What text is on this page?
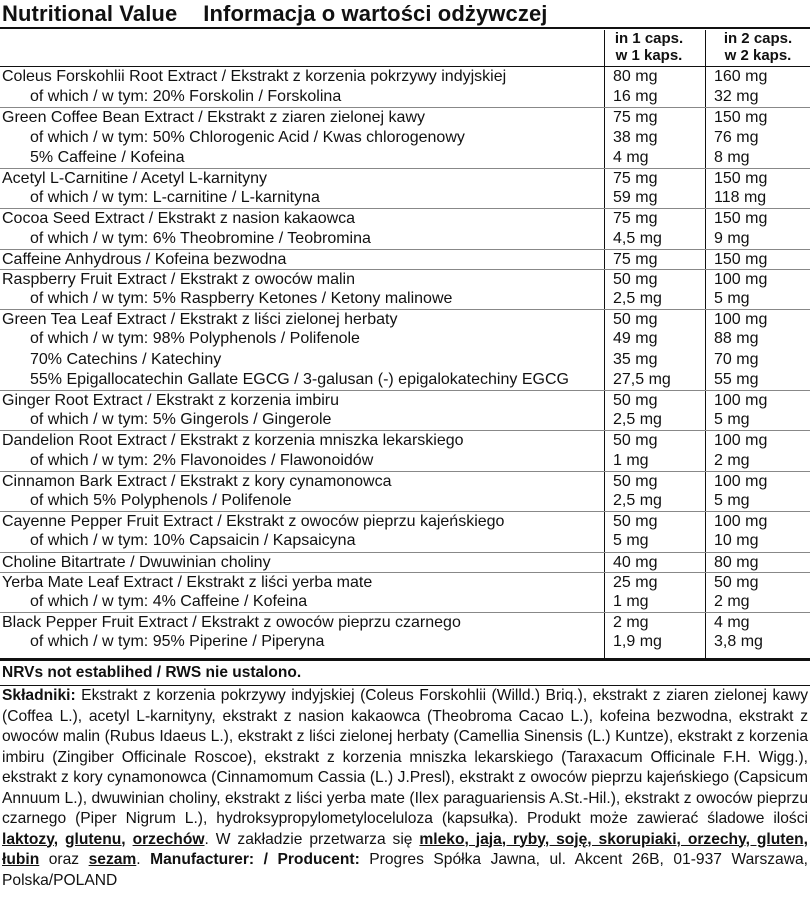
Nutritional Value Informacja o wartości odżywczej
in 1 caps.
w 1 kaps.
in 2 caps.
w 2 kaps.
Coleus Forskohlii Root Extract / Ekstrakt z korzenia pokrzywy indyjskiej	80 mg	160 mg
of which / w tym: 20% Forskolin / Forskolina	16 mg	32 mg
Green Coffee Bean Extract / Ekstrakt z ziaren zielonej kawy	75 mg	150 mg
of which / w tym: 50% Chlorogenic Acid / Kwas chlorogenowy	38 mg	76 mg
5% Caffeine / Kofeina	4 mg	8 mg
Acetyl L-Carnitine / Acetyl L-karnityny	75 mg	150 mg
of which / w tym: L-carnitine / L-karnityna	59 mg	118 mg
Cocoa Seed Extract / Ekstrakt z nasion kakaowca	75 mg	150 mg
of which / w tym: 6% Theobromine / Teobromina	4,5 mg	9 mg
Caffeine Anhydrous / Kofeina bezwodna	75 mg	150 mg
Raspberry Fruit Extract / Ekstrakt z owoców malin	50 mg	100 mg
of which / w tym: 5% Raspberry Ketones / Ketony malinowe	2,5 mg	5 mg
Green Tea Leaf Extract / Ekstrakt z liści zielonej herbaty	50 mg	100 mg
of which / w tym: 98% Polyphenols / Polifenole	49 mg	88 mg
70% Catechins / Katechiny	35 mg	70 mg
55% Epigallocatechin Gallate EGCG / 3-galusan (-) epigalokatechiny EGCG	27,5 mg	55 mg
Ginger Root Extract / Ekstrakt z korzenia imbiru	50 mg	100 mg
of which / w tym: 5% Gingerols / Gingerole	2,5 mg	5 mg
Dandelion Root Extract / Ekstrakt z korzenia mniszka lekarskiego	50 mg	100 mg
of which / w tym: 2% Flavonoides / Flawonoidów	1 mg	2 mg
Cinnamon Bark Extract / Ekstrakt z kory cynamonowca	50 mg	100 mg
of which 5% Polyphenols / Polifenole	2,5 mg	5 mg
Cayenne Pepper Fruit Extract / Ekstrakt z owoców pieprzu kajeńskiego	50 mg	100 mg
of which / w tym: 10% Capsaicin / Kapsaicyna	5 mg	10 mg
Choline Bitartrate / Dwuwinian choliny	40 mg	80 mg
Yerba Mate Leaf Extract / Ekstrakt z liści yerba mate	25 mg	50 mg
of which / w tym: 4% Caffeine / Kofeina	1 mg	2 mg
Black Pepper Fruit Extract / Ekstrakt z owoców pieprzu czarnego	2 mg	4 mg
of which / w tym: 95% Piperine / Piperyna	1,9 mg	3,8 mg
NRVs not establihed / RWS nie ustalono.
Składniki: Ekstrakt z korzenia pokrzywy indyjskiej (Coleus Forskohlii (Willd.) Briq.), ekstrakt z ziaren zielonej kawy (Coffea L.), acetyl L-karnityny, ekstrakt z nasion kakaowca (Theobroma Cacao L.), kofeina bezwodna, ekstrakt z owoców malin (Rubus Idaeus L.), ekstrakt z liści zielonej herbaty (Camellia Sinensis (L.) Kuntze), ekstrakt z korzenia imbiru (Zingiber Officinale Roscoe), ekstrakt z korzenia mniszka lekarskiego (Taraxacum Officinale F.H. Wigg.), ekstrakt z kory cynamonowca (Cinnamomum Cassia (L.) J.Presl), ekstrakt z owoców pieprzu kajeńskiego (Capsicum Annuum L.), dwuwinian choliny, ekstrakt z liści yerba mate (Ilex paraguariensis A.St.-Hil.), ekstrakt z owoców pieprzu czarnego (Piper Nigrum L.), hydroksypropylometyloceluloza (kapsułka). Produkt może zawierać śladowe ilości laktozy, glutenu, orzechów. W zakładzie przetwarza się mleko, jaja, ryby, soję, skorupiaki, orzechy, gluten, łubin oraz sezam. Manufacturer: / Producent: Progres Spółka Jawna, ul. Akcent 26B, 01-937 Warszawa, Polska/POLAND
